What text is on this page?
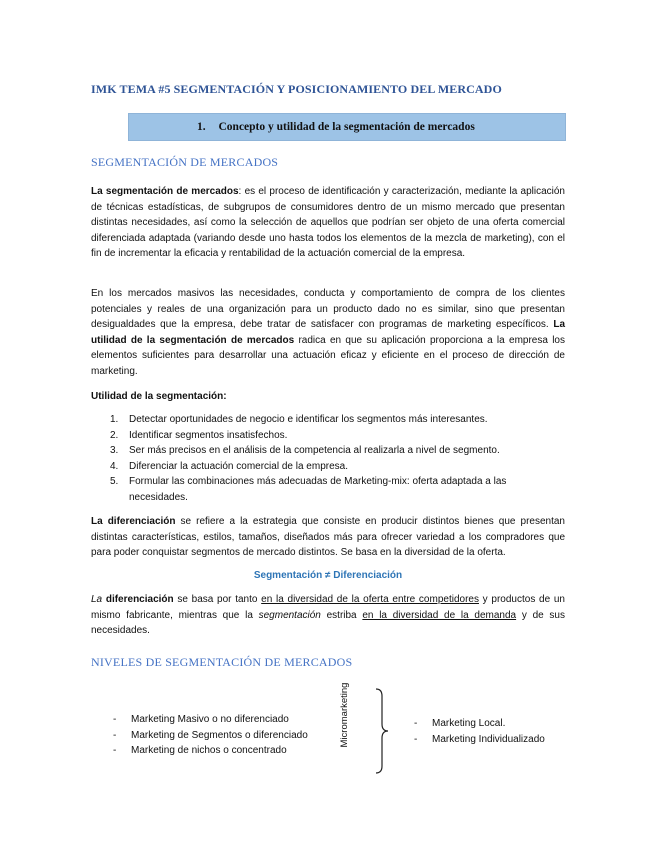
IMK TEMA #5 SEGMENTACIÓN Y POSICIONAMIENTO DEL MERCADO
1. Concepto y utilidad de la segmentación de mercados
SEGMENTACIÓN DE MERCADOS
La segmentación de mercados: es el proceso de identificación y caracterización, mediante la aplicación de técnicas estadísticas, de subgrupos de consumidores dentro de un mismo mercado que presentan distintas necesidades, así como la selección de aquellos que podrían ser objeto de una oferta comercial diferenciada adaptada (variando desde uno hasta todos los elementos de la mezcla de marketing), con el fin de incrementar la eficacia y rentabilidad de la actuación comercial de la empresa.
En los mercados masivos las necesidades, conducta y comportamiento de compra de los clientes potenciales y reales de una organización para un producto dado no es similar, sino que presentan desigualdades que la empresa, debe tratar de satisfacer con programas de marketing específicos. La utilidad de la segmentación de mercados radica en que su aplicación proporciona a la empresa los elementos suficientes para desarrollar una actuación eficaz y eficiente en el proceso de dirección de marketing.
Utilidad de la segmentación:
1. Detectar oportunidades de negocio e identificar los segmentos más interesantes.
2. Identificar segmentos insatisfechos.
3. Ser más precisos en el análisis de la competencia al realizarla a nivel de segmento.
4. Diferenciar la actuación comercial de la empresa.
5. Formular las combinaciones más adecuadas de Marketing-mix: oferta adaptada a las necesidades.
La diferenciación se refiere a la estrategia que consiste en producir distintos bienes que presentan distintas características, estilos, tamaños, diseñados más para ofrecer variedad a los compradores que para poder conquistar segmentos de mercado distintos. Se basa en la diversidad de la oferta.
Segmentación ≠ Diferenciación
La diferenciación se basa por tanto en la diversidad de la oferta entre competidores y productos de un mismo fabricante, mientras que la segmentación estriba en la diversidad de la demanda y de sus necesidades.
NIVELES DE SEGMENTACIÓN DE MERCADOS
- Marketing Masivo o no diferenciado
- Marketing de Segmentos o diferenciado
- Marketing de nichos o concentrado
Micromarketing	- Marketing Local.
- Marketing Individualizado
